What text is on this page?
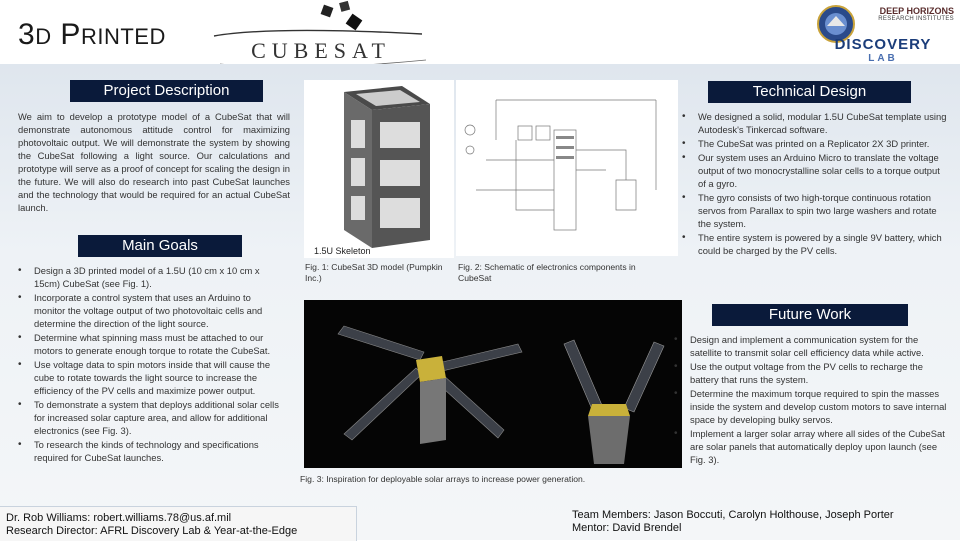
3D PRINTED
CUBESAT
DEEP HORIZONS
RESEARCH INSTITUTES
DISCOVERY
LAB
Project Description
We aim to develop a prototype model of a CubeSat that will demonstrate autonomous attitude control for maximizing photovoltaic output. We will demonstrate the system by showing the CubeSat following a light source. Our calculations and prototype will serve as a proof of concept for scaling the design in the future. We will also do research into past CubeSat launches and the technology that would be required for an actual CubeSat launch.
Main Goals
• Design a 3D printed model of a 1.5U (10 cm x 10 cm x 15cm) CubeSat (see Fig. 1).
• Incorporate a control system that uses an Arduino to monitor the voltage output of two photovoltaic cells and determine the direction of the light source.
• Determine what spinning mass must be attached to our motors to generate enough torque to rotate the CubeSat.
• Use voltage data to spin motors inside that will cause the cube to rotate towards the light source to increase the efficiency of the PV cells and maximize power output.
• To demonstrate a system that deploys additional solar cells for increased solar capture area, and allow for additional electronics (see Fig. 3).
• To research the kinds of technology and specifications required for CubeSat launches.
1.5U Skeleton
Fig. 1: CubeSat 3D model (Pumpkin Inc.)
Fig. 2: Schematic of electronics components in CubeSat
Fig. 3: Inspiration for deployable solar arrays to increase power generation.
Technical Design
• We designed a solid, modular 1.5U CubeSat template using Autodesk's Tinkercad software.
• The CubeSat was printed on a Replicator 2X 3D printer.
• Our system uses an Arduino Micro to translate the voltage output of two monocrystalline solar cells to a torque output of a gyro.
• The gyro consists of two high-torque continuous rotation servos from Parallax to spin two large washers and rotate the system.
• The entire system is powered by a single 9V battery, which could be charged by the PV cells.
Future Work
• Design and implement a communication system for the satellite to transmit solar cell efficiency data while active.
• Use the output voltage from the PV cells to recharge the battery that runs the system.
• Determine the maximum torque required to spin the masses inside the system and develop custom motors to save internal space by developing bulky servos.
• Implement a larger solar array where all sides of the CubeSat are solar panels that automatically deploy upon launch (see Fig. 3).
Dr. Rob Williams: robert.williams.78@us.af.mil
Research Director: AFRL Discovery Lab & Year-at-the-Edge
Team Members: Jason Boccuti, Carolyn Holthouse, Joseph Porter
Mentor: David Brendel
